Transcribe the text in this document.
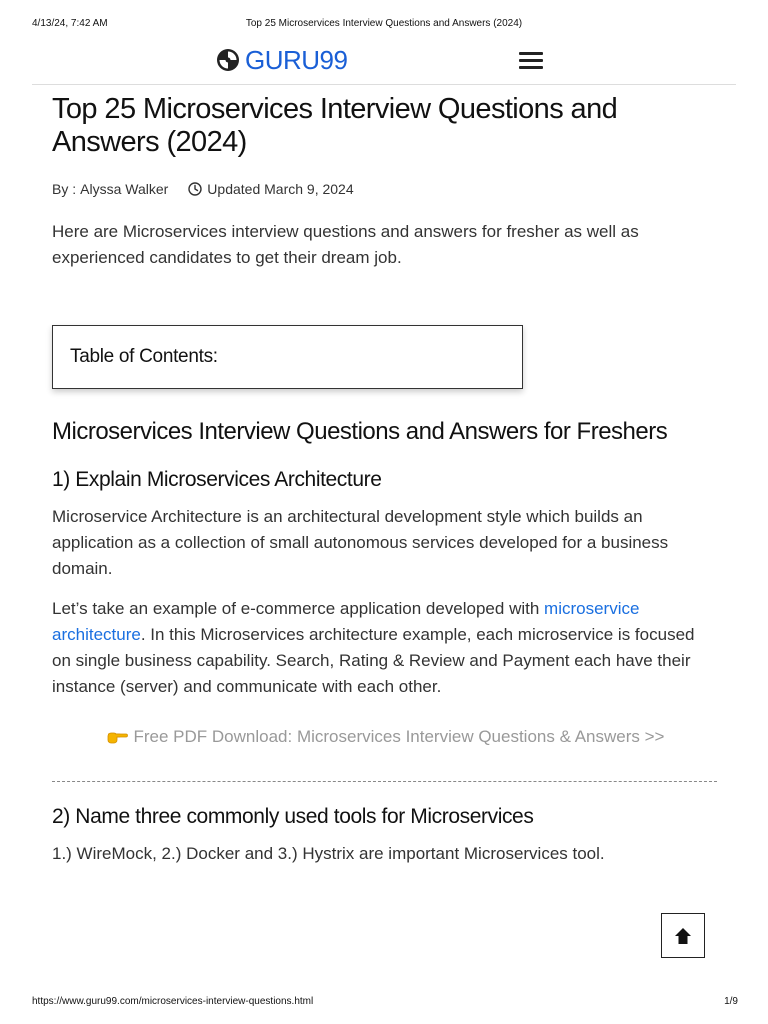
4/13/24, 7:42 AM	Top 25 Microservices Interview Questions and Answers (2024)
GURU99
Top 25 Microservices Interview Questions and Answers (2024)
By : Alyssa Walker	Updated March 9, 2024

Here are Microservices interview questions and answers for fresher as well as experienced candidates to get their dream job.

Table of Contents:
Microservices Interview Questions and Answers for Freshers
1) Explain Microservices Architecture

Microservice Architecture is an architectural development style which builds an application as a collection of small autonomous services developed for a business domain.

Let’s take an example of e-commerce application developed with microservice architecture. In this Microservices architecture example, each microservice is focused on single business capability. Search, Rating & Review and Payment each have their instance (server) and communicate with each other.

Free PDF Download: Microservices Interview Questions & Answers >>
2) Name three commonly used tools for Microservices

1.) WireMock, 2.) Docker and 3.) Hystrix are important Microservices tool.

https://www.guru99.com/microservices-interview-questions.html	1/9
